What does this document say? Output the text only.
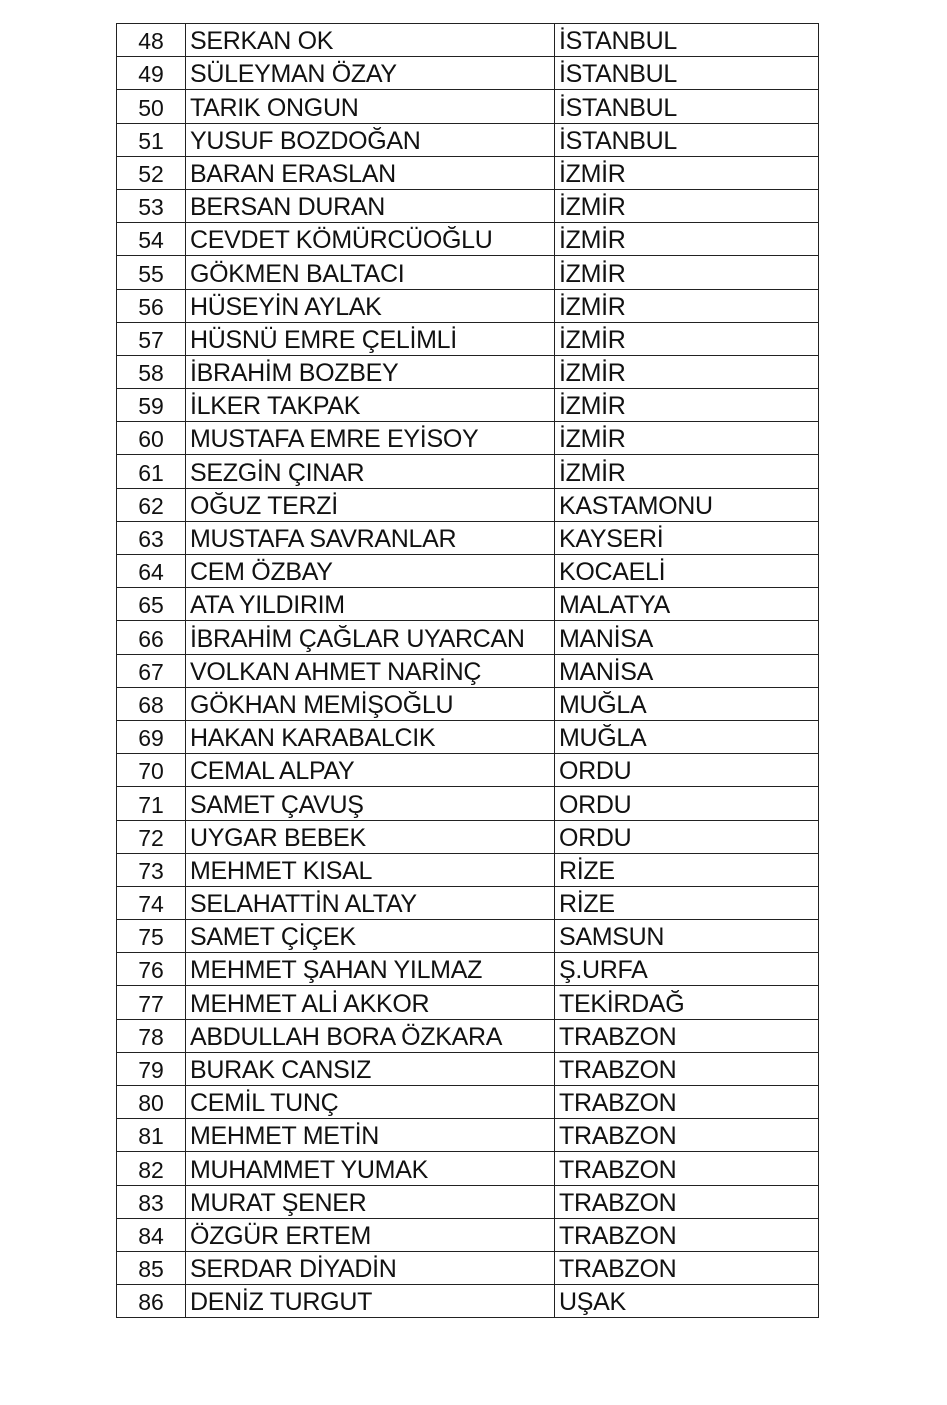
48	SERKAN OK	İSTANBUL
49	SÜLEYMAN ÖZAY	İSTANBUL
50	TARIK ONGUN	İSTANBUL
51	YUSUF BOZDOĞAN	İSTANBUL
52	BARAN ERASLAN	İZMİR
53	BERSAN DURAN	İZMİR
54	CEVDET KÖMÜRCÜOĞLU	İZMİR
55	GÖKMEN BALTACI	İZMİR
56	HÜSEYİN AYLAK	İZMİR
57	HÜSNÜ EMRE ÇELİMLİ	İZMİR
58	İBRAHİM BOZBEY	İZMİR
59	İLKER TAKPAK	İZMİR
60	MUSTAFA EMRE EYİSOY	İZMİR
61	SEZGİN ÇINAR	İZMİR
62	OĞUZ TERZİ	KASTAMONU
63	MUSTAFA SAVRANLAR	KAYSERİ
64	CEM ÖZBAY	KOCAELİ
65	ATA YILDIRIM	MALATYA
66	İBRAHİM ÇAĞLAR UYARCAN	MANİSA
67	VOLKAN AHMET NARİNÇ	MANİSA
68	GÖKHAN MEMİŞOĞLU	MUĞLA
69	HAKAN KARABALCIK	MUĞLA
70	CEMAL ALPAY	ORDU
71	SAMET ÇAVUŞ	ORDU
72	UYGAR BEBEK	ORDU
73	MEHMET KISAL	RİZE
74	SELAHATTİN ALTAY	RİZE
75	SAMET ÇİÇEK	SAMSUN
76	MEHMET ŞAHAN YILMAZ	Ş.URFA
77	MEHMET ALİ AKKOR	TEKİRDAĞ
78	ABDULLAH BORA ÖZKARA	TRABZON
79	BURAK CANSIZ	TRABZON
80	CEMİL TUNÇ	TRABZON
81	MEHMET METİN	TRABZON
82	MUHAMMET YUMAK	TRABZON
83	MURAT ŞENER	TRABZON
84	ÖZGÜR ERTEM	TRABZON
85	SERDAR DİYADİN	TRABZON
86	DENİZ TURGUT	UŞAK
